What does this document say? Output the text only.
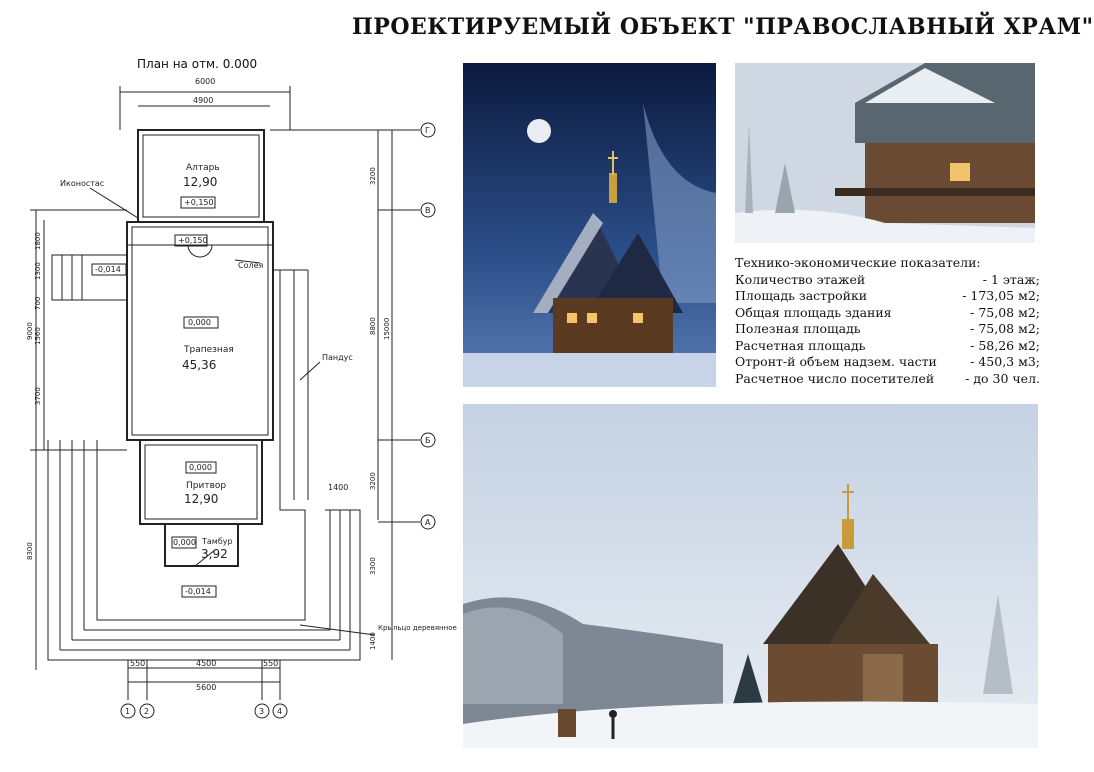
ПРОЕКТИРУЕМЫЙ ОБЪЕКТ "ПРАВОСЛАВНЫЙ ХРАМ"
План на отм. 0.000
6000
4900
Алтарь
12,90
+0,150
+0,150
Солея
Иконостас
-0,014
0,000
Трапезная
45,36
Пандус
0,000
Притвор
12,90
0,000 Тамбур
3,92
-0,014
Крыльцо деревянное
1400
550	4500	550
5600
Г
В
Б
А
1 2	3 4
1800
1300
700
1560
3700
9000
8300
3200
8800 15000
3200
3300
1400
Технико-экономические показатели:
Количество этажей	- 1 этаж;
Площадь застройки	- 173,05 м2;
Общая площадь здания	- 75,08 м2;
Полезная площадь	- 75,08 м2;
Расчетная площадь	- 58,26 м2;
Отронт-й объем надзем. части	- 450,3 м3;
Расчетное число посетителей - до 30 чел.
